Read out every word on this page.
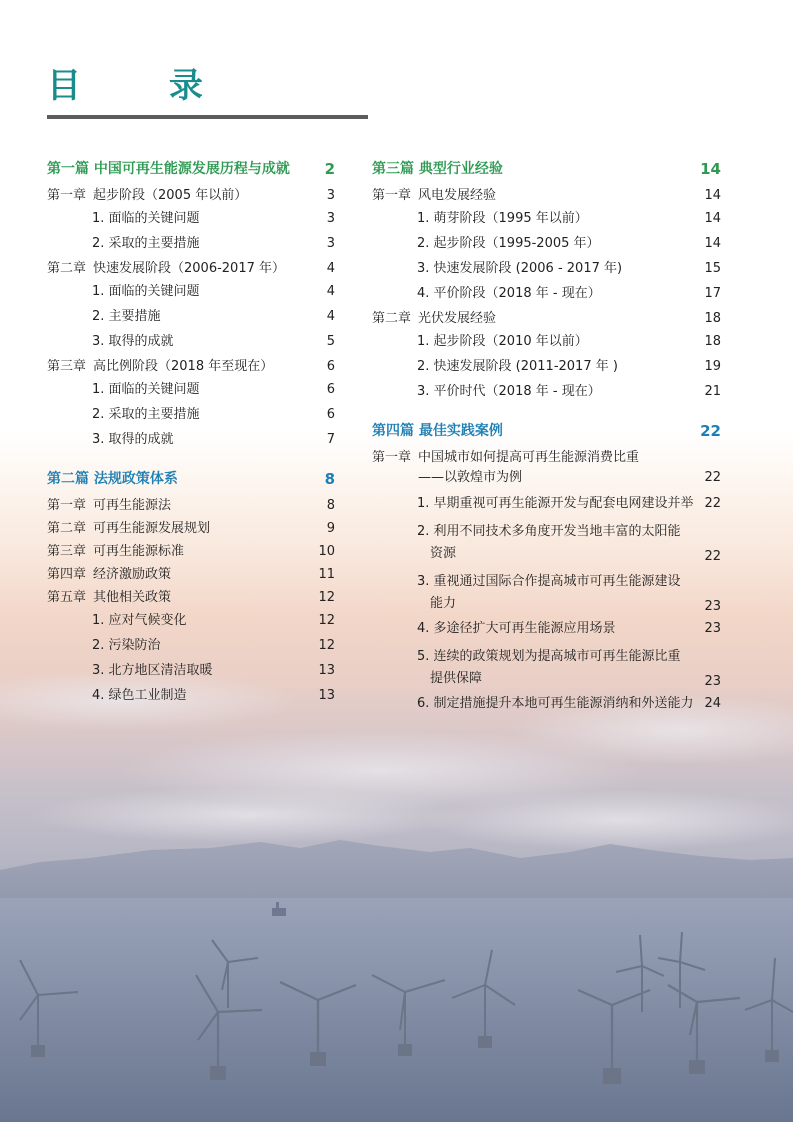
目 录
第一篇 中国可再生能源发展历程与成就	2
第一章 起步阶段（2005 年以前）	3
1. 面临的关键问题	3
2. 采取的主要措施	3
第二章 快速发展阶段（2006-2017 年）	4
1. 面临的关键问题	4
2. 主要措施	4
3. 取得的成就	5
第三章 高比例阶段（2018 年至现在）	6
1. 面临的关键问题	6
2. 采取的主要措施	6
3. 取得的成就	7
第二篇 法规政策体系	8
第一章 可再生能源法	8
第二章 可再生能源发展规划	9
第三章 可再生能源标准	10
第四章 经济激励政策	11
第五章 其他相关政策	12
1. 应对气候变化	12
2. 污染防治	12
3. 北方地区清洁取暖	13
4. 绿色工业制造	13
第三篇 典型行业经验	14
第一章 风电发展经验	14
1. 萌芽阶段（1995 年以前）	14
2. 起步阶段（1995-2005 年）	14
3. 快速发展阶段 (2006 - 2017 年)	15
4. 平价阶段（2018 年 - 现在）	17
第二章 光伏发展经验	18
1. 起步阶段（2010 年以前）	18
2. 快速发展阶段 (2011-2017 年 )	19
3. 平价时代（2018 年 - 现在）	21
第四篇 最佳实践案例	22
第一章 中国城市如何提高可再生能源消费比重
——以敦煌市为例	22
1. 早期重视可再生能源开发与配套电网建设并举 22
2. 利用不同技术多角度开发当地丰富的太阳能
资源	22
3. 重视通过国际合作提高城市可再生能源建设
能力	23
4. 多途径扩大可再生能源应用场景	23
5. 连续的政策规划为提高城市可再生能源比重
提供保障	23
6. 制定措施提升本地可再生能源消纳和外送能力 24
